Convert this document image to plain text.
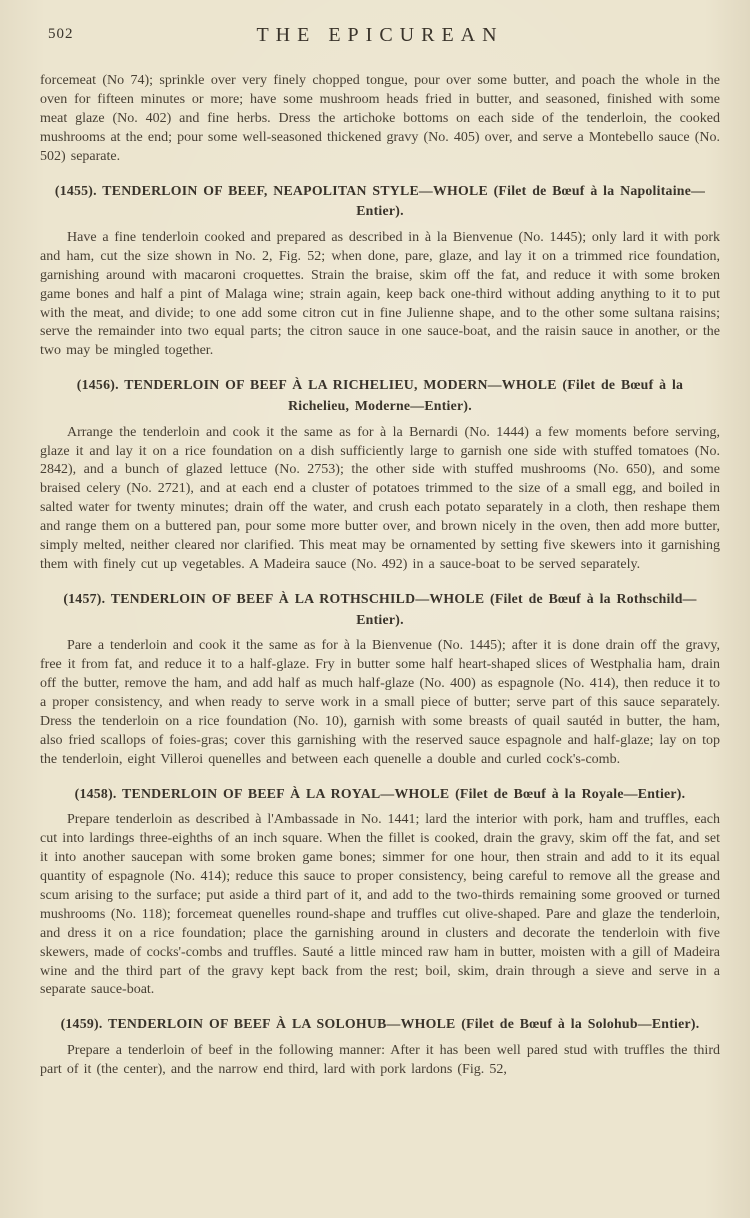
502	THE EPICUREAN
forcemeat (No 74); sprinkle over very finely chopped tongue, pour over some butter, and poach the whole in the oven for fifteen minutes or more; have some mushroom heads fried in butter, and seasoned, finished with some meat glaze (No. 402) and fine herbs. Dress the artichoke bottoms on each side of the tenderloin, the cooked mushrooms at the end; pour some well-seasoned thickened gravy (No. 405) over, and serve a Montebello sauce (No. 502) separate.
(1455). TENDERLOIN OF BEEF, NEAPOLITAN STYLE—WHOLE (Filet de Bœuf à la Napolitaine—Entier).
Have a fine tenderloin cooked and prepared as described in à la Bienvenue (No. 1445); only lard it with pork and ham, cut the size shown in No. 2, Fig. 52; when done, pare, glaze, and lay it on a trimmed rice foundation, garnishing around with macaroni croquettes. Strain the braise, skim off the fat, and reduce it with some broken game bones and half a pint of Malaga wine; strain again, keep back one-third without adding anything to it to put with the meat, and divide; to one add some citron cut in fine Julienne shape, and to the other some sultana raisins; serve the remainder into two equal parts; the citron sauce in one sauce-boat, and the raisin sauce in another, or the two may be mingled together.
(1456). TENDERLOIN OF BEEF À LA RICHELIEU, MODERN—WHOLE (Filet de Bœuf à la Richelieu, Moderne—Entier).
Arrange the tenderloin and cook it the same as for à la Bernardi (No. 1444) a few moments before serving, glaze it and lay it on a rice foundation on a dish sufficiently large to garnish one side with stuffed tomatoes (No. 2842), and a bunch of glazed lettuce (No. 2753); the other side with stuffed mushrooms (No. 650), and some braised celery (No. 2721), and at each end a cluster of potatoes trimmed to the size of a small egg, and boiled in salted water for twenty minutes; drain off the water, and crush each potato separately in a cloth, then reshape them and range them on a buttered pan, pour some more butter over, and brown nicely in the oven, then add more butter, simply melted, neither cleared nor clarified. This meat may be ornamented by setting five skewers into it garnishing them with finely cut up vegetables. A Madeira sauce (No. 492) in a sauce-boat to be served separately.
(1457). TENDERLOIN OF BEEF À LA ROTHSCHILD—WHOLE (Filet de Bœuf à la Rothschild—Entier).
Pare a tenderloin and cook it the same as for à la Bienvenue (No. 1445); after it is done drain off the gravy, free it from fat, and reduce it to a half-glaze. Fry in butter some half heart-shaped slices of Westphalia ham, drain off the butter, remove the ham, and add half as much half-glaze (No. 400) as espagnole (No. 414), then reduce it to a proper consistency, and when ready to serve work in a small piece of butter; serve part of this sauce separately. Dress the tenderloin on a rice foundation (No. 10), garnish with some breasts of quail sautéd in butter, the ham, also fried scallops of foies-gras; cover this garnishing with the reserved sauce espagnole and half-glaze; lay on top the tenderloin, eight Villeroi quenelles and between each quenelle a double and curled cock's-comb.
(1458). TENDERLOIN OF BEEF À LA ROYAL—WHOLE (Filet de Bœuf à la Royale—Entier).
Prepare tenderloin as described à l'Ambassade in No. 1441; lard the interior with pork, ham and truffles, each cut into lardings three-eighths of an inch square. When the fillet is cooked, drain the gravy, skim off the fat, and set it into another saucepan with some broken game bones; simmer for one hour, then strain and add to it its equal quantity of espagnole (No. 414); reduce this sauce to proper consistency, being careful to remove all the grease and scum arising to the surface; put aside a third part of it, and add to the two-thirds remaining some grooved or turned mushrooms (No. 118); forcemeat quenelles round-shape and truffles cut olive-shaped. Pare and glaze the tenderloin, and dress it on a rice foundation; place the garnishing around in clusters and decorate the tenderloin with five skewers, made of cocks'-combs and truffles. Sauté a little minced raw ham in butter, moisten with a gill of Madeira wine and the third part of the gravy kept back from the rest; boil, skim, drain through a sieve and serve in a separate sauce-boat.
(1459). TENDERLOIN OF BEEF À LA SOLOHUB—WHOLE (Filet de Bœuf à la Solohub—Entier).
Prepare a tenderloin of beef in the following manner: After it has been well pared stud with truffles the third part of it (the center), and the narrow end third, lard with pork lardons (Fig. 52,
